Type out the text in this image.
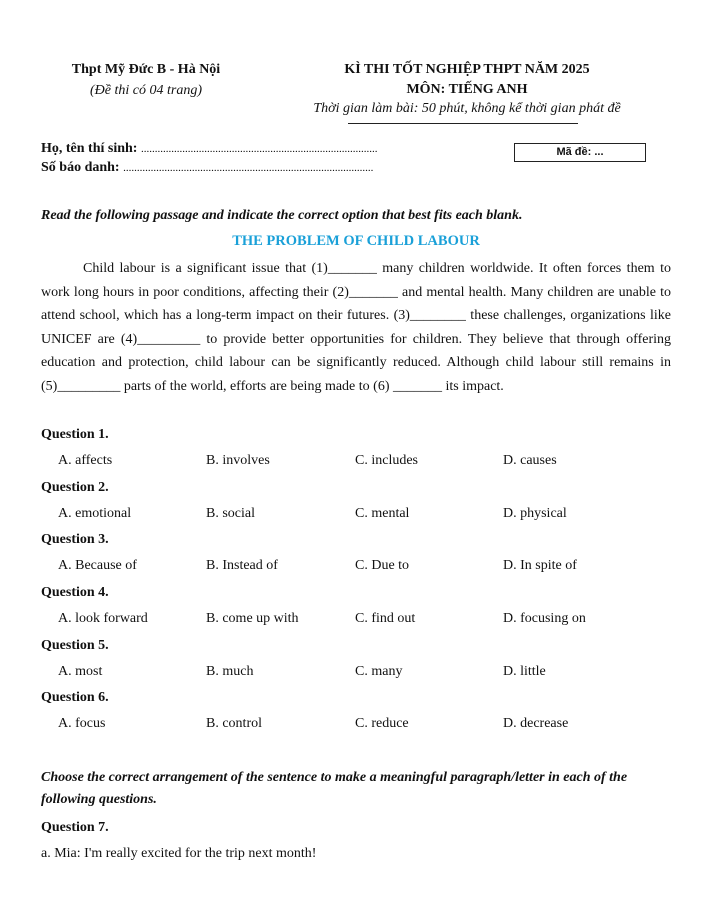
Thpt Mỹ Đức B - Hà Nội
(Đề thi có 04 trang)
KÌ THI TỐT NGHIỆP THPT NĂM 2025
MÔN: TIẾNG ANH
Thời gian làm bài: 50 phút, không kể thời gian phát đề
Họ, tên thí sinh: ......................................................................................
Số báo danh: ...........................................................................................
Mã đề: ...
Read the following passage and indicate the correct option that best fits each blank.
THE PROBLEM OF CHILD LABOUR
Child labour is a significant issue that (1)_______ many children worldwide. It often forces them to work long hours in poor conditions, affecting their (2)_______ and mental health. Many children are unable to attend school, which has a long-term impact on their futures. (3)________ these challenges, organizations like UNICEF are (4)_________ to provide better opportunities for children. They believe that through offering education and protection, child labour can be significantly reduced. Although child labour still remains in (5)_________ parts of the world, efforts are being made to (6) _______ its impact.
Question 1.
A. affects	B. involves	C. includes	D. causes
Question 2.
A. emotional	B. social	C. mental	D. physical
Question 3.
A. Because of	B. Instead of	C. Due to	D. In spite of
Question 4.
A. look forward	B. come up with	C. find out	D. focusing on
Question 5.
A. most	B. much	C. many	D. little
Question 6.
A. focus	B. control	C. reduce	D. decrease
Choose the correct arrangement of the sentence to make a meaningful paragraph/letter in each of the following questions.
Question 7.
a. Mia: I'm really excited for the trip next month!
